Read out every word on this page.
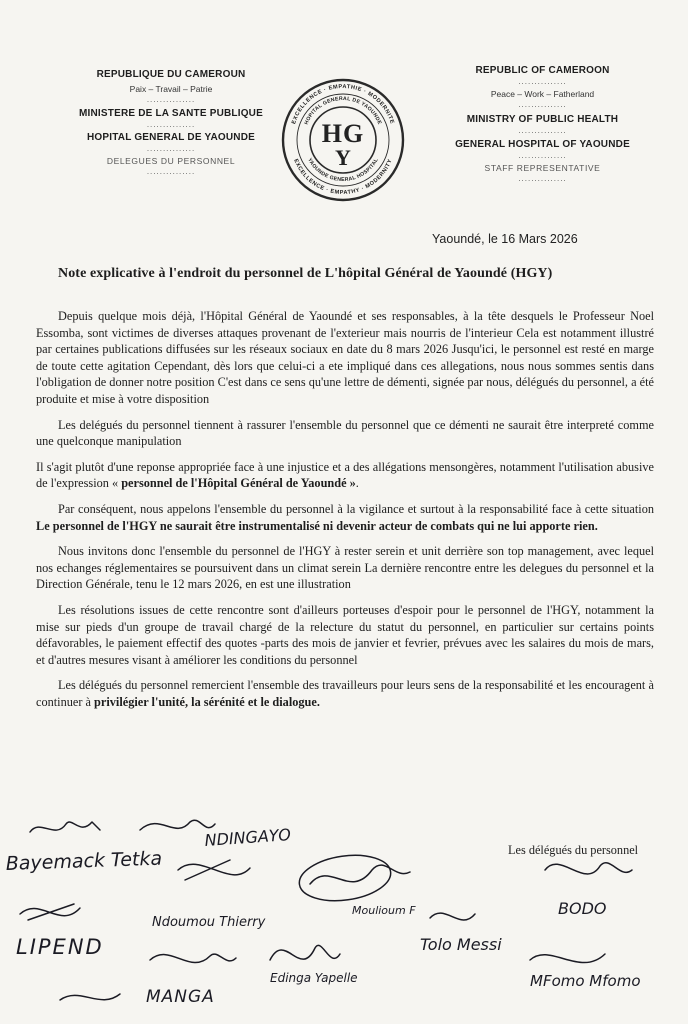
REPUBLIQUE DU CAMEROUN
Paix – Travail – Patrie
...............
MINISTERE DE LA SANTE PUBLIQUE
...............
HOPITAL GENERAL DE YAOUNDE
...............
DELEGUES DU PERSONNEL
...............
EXCELLENCE · EMPATHIE · MODERNITE
EXCELLENCE · EMPATHY · MODERNITY
HOPITAL GENERAL DE YAOUNDE
YAOUNDE GENERAL HOSPITAL
HG
Y
REPUBLIC OF CAMEROON
...............
Peace – Work – Fatherland
...............
MINISTRY OF PUBLIC HEALTH
...............
GENERAL HOSPITAL OF YAOUNDE
...............
STAFF REPRESENTATIVE
...............
Yaoundé, le 16 Mars 2026
Note explicative à l'endroit du personnel de L'hôpital Général de Yaoundé (HGY)

Depuis quelque mois déjà, l'Hôpital Général de Yaoundé et ses responsables, à la tête desquels le Professeur Noel Essomba, sont victimes de diverses attaques provenant de l'exterieur mais nourris de l'interieur Cela est notamment illustré par certaines publications diffusées sur les réseaux sociaux en date du 8 mars 2026 Jusqu'ici, le personnel est resté en marge de toute cette agitation Cependant, dès lors que celui-ci a ete impliqué dans ces allegations, nous nous sommes sentis dans l'obligation de donner notre position C'est dans ce sens qu'une lettre de démenti, signée par nous, délégués du personnel, a été produite et mise à votre disposition

Les delégués du personnel tiennent à rassurer l'ensemble du personnel que ce démenti ne saurait être interpreté comme une quelconque manipulation

Il s'agit plutôt d'une reponse appropriée face à une injustice et a des allégations mensongères, notamment l'utilisation abusive de l'expression « personnel de l'Hôpital Général de Yaoundé ».

Par conséquent, nous appelons l'ensemble du personnel à la vigilance et surtout à la responsabilité face à cette situation Le personnel de l'HGY ne saurait être instrumentalisé ni devenir acteur de combats qui ne lui apporte rien.

Nous invitons donc l'ensemble du personnel de l'HGY à rester serein et unit derrière son top management, avec lequel nos echanges réglementaires se poursuivent dans un climat serein La dernière rencontre entre les delegues du personnel et la Direction Générale, tenu le 12 mars 2026, en est une illustration

Les résolutions issues de cette rencontre sont d'ailleurs porteuses d'espoir pour le personnel de l'HGY, notamment la mise sur pieds d'un groupe de travail chargé de la relecture du statut du personnel, en particulier sur certains points défavorables, le paiement effectif des quotes -parts des mois de janvier et fevrier, prévues avec les salaires du mois de mars, et d'autres mesures visant à améliorer les conditions du personnel

Les délégués du personnel remercient l'ensemble des travailleurs pour leurs sens de la responsabilité et les encouragent à continuer à privilégier l'unité, la sérénité et le dialogue.

Les délégués du personnel
Bayemack Tetka
NDINGAYO
Ndoumou Thierry
Moulioum F	BODO
LIPEND	Tolo Messi
MANGA
Edinga Yapelle	MFomo Mfomo
